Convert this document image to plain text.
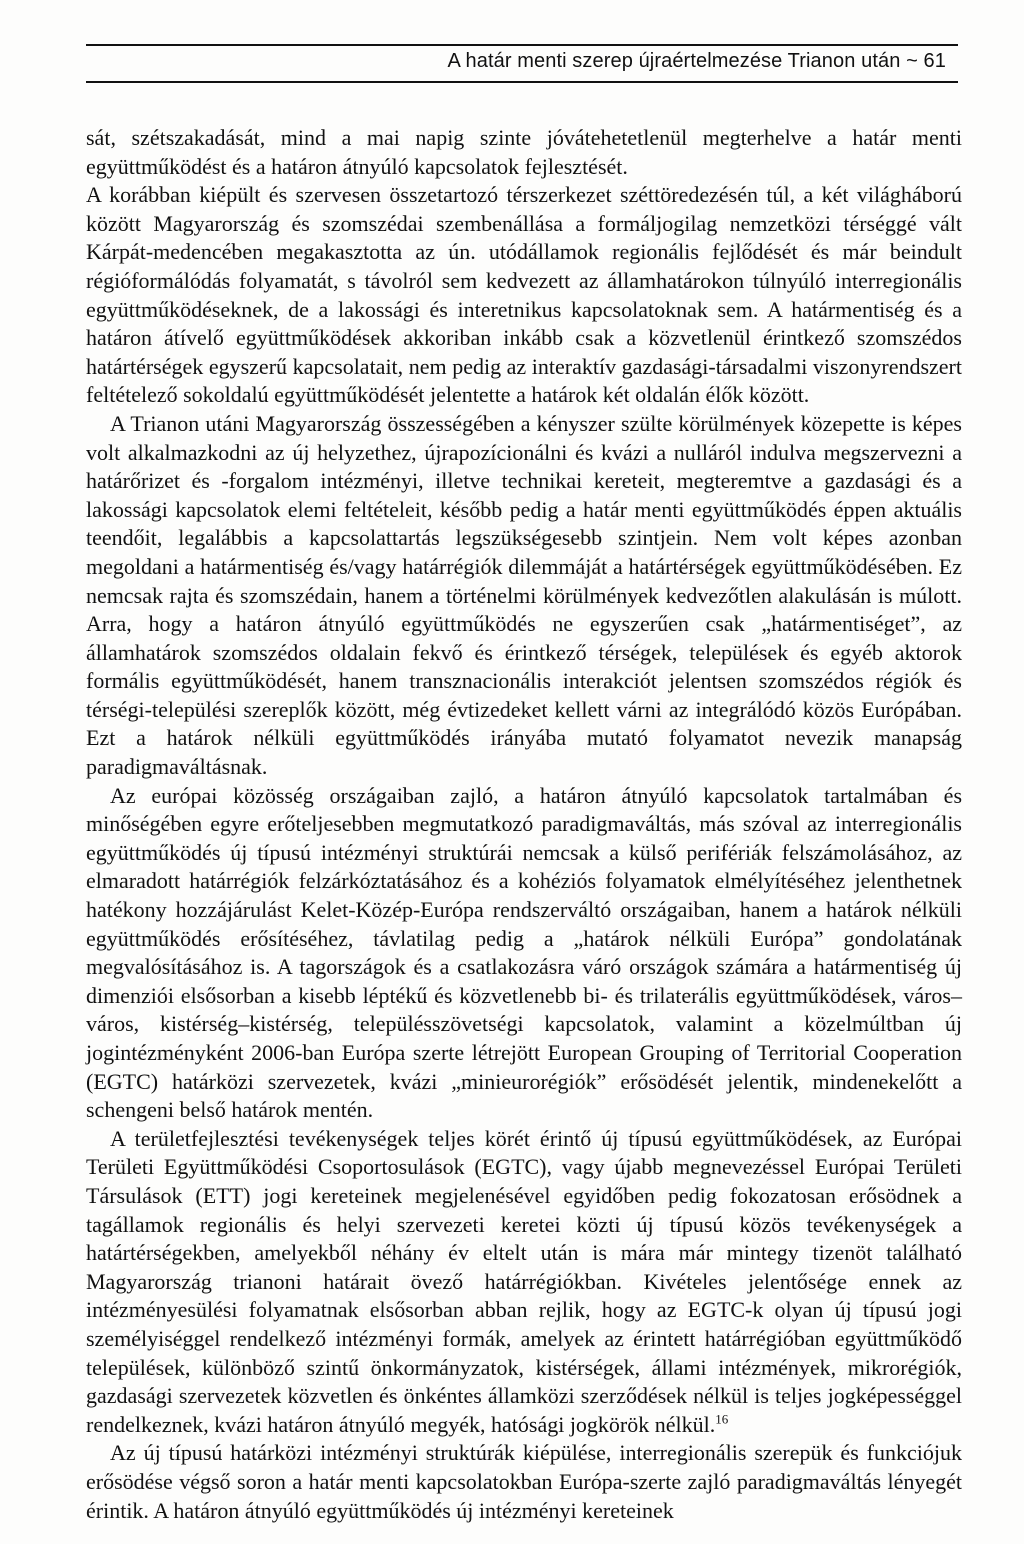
A határ menti szerep újraértelmezése Trianon után ~ 61

sát, szétszakadását, mind a mai napig szinte jóvátehetetlenül megterhelve a határ menti együttműködést és a határon átnyúló kapcsolatok fejlesztését.

A korábban kiépült és szervesen összetartozó térszerkezet széttöredezésén túl, a két világháború között Magyarország és szomszédai szembenállása a formáljogilag nemzetközi térséggé vált Kárpát-medencében megakasztotta az ún. utódállamok regionális fejlődését és már beindult régióformálódás folyamatát, s távolról sem kedvezett az államhatárokon túlnyúló interregionális együttműködéseknek, de a lakossági és interetnikus kapcsolatoknak sem. A határmentiség és a határon átívelő együttműködések akkoriban inkább csak a közvetlenül érintkező szomszédos határtérségek egyszerű kapcsolatait, nem pedig az interaktív gazdasági-társadalmi viszonyrendszert feltételező sokoldalú együttműködését jelentette a határok két oldalán élők között.

A Trianon utáni Magyarország összességében a kényszer szülte körülmények közepette is képes volt alkalmazkodni az új helyzethez, újrapozícionálni és kvázi a nulláról indulva megszervezni a határőrizet és -forgalom intézményi, illetve technikai kereteit, megteremtve a gazdasági és a lakossági kapcsolatok elemi feltételeit, később pedig a határ menti együttműködés éppen aktuális teendőit, legalábbis a kapcsolattartás legszükségesebb szintjein. Nem volt képes azonban megoldani a határmentiség és/vagy határrégiók dilemmáját a határtérségek együttműködésében. Ez nemcsak rajta és szomszédain, hanem a történelmi körülmények kedvezőtlen alakulásán is múlott. Arra, hogy a határon átnyúló együttműködés ne egyszerűen csak „határmentiséget”, az államhatárok szomszédos oldalain fekvő és érintkező térségek, települések és egyéb aktorok formális együttműködését, hanem transznacionális interakciót jelentsen szomszédos régiók és térségi-települési szereplők között, még évtizedeket kellett várni az integrálódó közös Európában. Ezt a határok nélküli együttműködés irányába mutató folyamatot nevezik manapság paradigmaváltásnak.

Az európai közösség országaiban zajló, a határon átnyúló kapcsolatok tartalmában és minőségében egyre erőteljesebben megmutatkozó paradigmaváltás, más szóval az interregionális együttműködés új típusú intézményi struktúrái nemcsak a külső perifériák felszámolásához, az elmaradott határrégiók felzárkóztatásához és a kohéziós folyamatok elmélyítéséhez jelenthetnek hatékony hozzájárulást Kelet-Közép-Európa rendszerváltó országaiban, hanem a határok nélküli együttműködés erősítéséhez, távlatilag pedig a „határok nélküli Európa” gondolatának megvalósításához is. A tagországok és a csatlakozásra váró országok számára a határmentiség új dimenziói elsősorban a kisebb léptékű és közvetlenebb bi- és trilaterális együttműködések, város–város, kistérség–kistérség, településszövetségi kapcsolatok, valamint a közelmúltban új jogintézményként 2006-ban Európa szerte létrejött European Grouping of Territorial Cooperation (EGTC) határközi szervezetek, kvázi „minieurorégiók” erősödését jelentik, mindenekelőtt a schengeni belső határok mentén.

A területfejlesztési tevékenységek teljes körét érintő új típusú együttműködések, az Európai Területi Együttműködési Csoportosulások (EGTC), vagy újabb megnevezéssel Európai Területi Társulások (ETT) jogi kereteinek megjelenésével egyidőben pedig fokozatosan erősödnek a tagállamok regionális és helyi szervezeti keretei közti új típusú közös tevékenységek a határtérségekben, amelyekből néhány év eltelt után is mára már mintegy tizenöt található Magyarország trianoni határait övező határrégiókban. Kivételes jelentősége ennek az intézményesülési folyamatnak elsősorban abban rejlik, hogy az EGTC-k olyan új típusú jogi személyiséggel rendelkező intézményi formák, amelyek az érintett határrégióban együttműködő települések, különböző szintű önkormányzatok, kistérségek, állami intézmények, mikrorégiók, gazdasági szervezetek közvetlen és önkéntes államközi szerződések nélkül is teljes jogképességgel rendelkeznek, kvázi határon átnyúló megyék, hatósági jogkörök nélkül.$^{16}$

Az új típusú határközi intézményi struktúrák kiépülése, interregionális szerepük és funkciójuk erősödése végső soron a határ menti kapcsolatokban Európa-szerte zajló paradigmaváltás lényegét érintik. A határon átnyúló együttműködés új intézményi kereteinek
